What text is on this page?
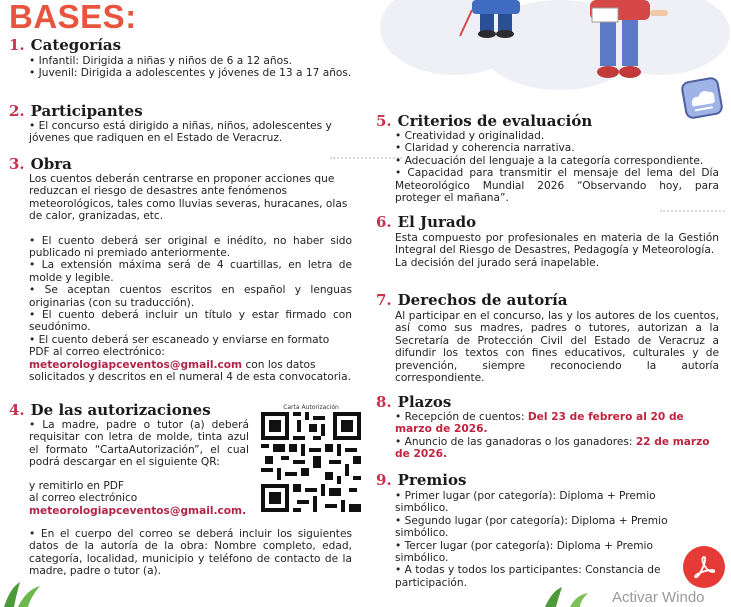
BASES:
1. Categorías

• Infantil: Dirigida a niñas y niños de 6 a 12 años.

• Juvenil: Dirigida a adolescentes y jóvenes de 13 a 17 años.

2. Participantes

• El concurso está dirigido a niñas, niños, adolescentes y jóvenes que radiquen en el Estado de Veracruz.

3. Obra

Los cuentos deberán centrarse en proponer acciones que reduzcan el riesgo de desastres ante fenómenos meteorológicos, tales como lluvias severas, huracanes, olas de calor, granizadas, etc.

• El cuento deberá ser original e inédito, no haber sido publicado ni premiado anteriormente.

• La extensión máxima será de 4 cuartillas, en letra de molde y legible.

• Se aceptan cuentos escritos en español y lenguas originarias (con su traducción).

• El cuento deberá incluir un título y estar firmado con seudónimo.

• El cuento deberá ser escaneado y enviarse en formato PDF al correo electrónico:

meteorologiapceventos@gmail.com con los datos solicitados y descritos en el numeral 4 de esta convocatoria.

4. De las autorizaciones

• La madre, padre o tutor (a) deberá requisitar con letra de molde, tinta azul el formato “CartaAutorización”, el cual podrá descargar en el siguiente QR:

y remitirlo en PDF

al correo electrónico

meteorologiapceventos@gmail.com.

• En el cuerpo del correo se deberá incluir los siguientes datos de la autoría de la obra: Nombre completo, edad, categoría, localidad, municipio y teléfono de contacto de la madre, padre o tutor (a).

Carta Autorización
5. Criterios de evaluación

• Creatividad y originalidad.

• Claridad y coherencia narrativa.

• Adecuación del lenguaje a la categoría correspondiente.

• Capacidad para transmitir el mensaje del lema del Día Meteorológico Mundial 2026 “Observando hoy, para proteger el mañana”.

6. El Jurado

Esta compuesto por profesionales en materia de la Gestión Integral del Riesgo de Desastres, Pedagogía y Meteorología.

La decisión del jurado será inapelable.

7. Derechos de autoría

Al participar en el concurso, las y los autores de los cuentos, así como sus madres, padres o tutores, autorizan a la Secretaría de Protección Civil del Estado de Veracruz a difundir los textos con fines educativos, culturales y de prevención, siempre reconociendo la autoría correspondiente.

8. Plazos

• Recepción de cuentos: Del 23 de febrero al 20 de marzo de 2026.

• Anuncio de las ganadoras o los ganadores: 22 de marzo de 2026.

9. Premios

• Primer lugar (por categoría): Diploma + Premio simbólico.

• Segundo lugar (por categoría): Diploma + Premio simbólico.

• Tercer lugar (por categoría): Diploma + Premio simbólico.

• A todas y todos los participantes: Constancia de participación.

Activar Windo
